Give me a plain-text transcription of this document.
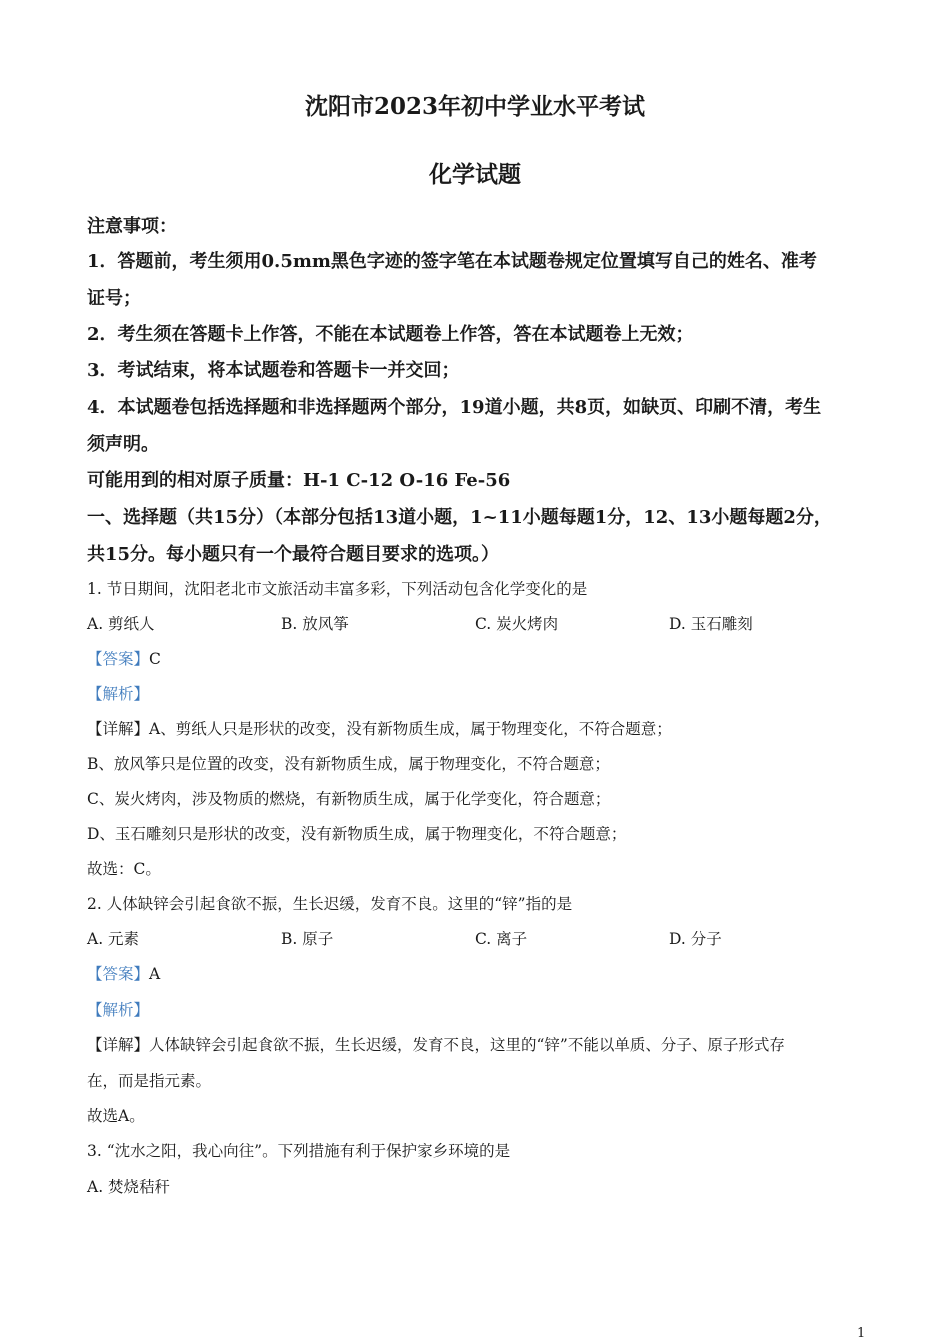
沈阳市2023年初中学业水平考试
化学试题
注意事项：
1．答题前，考生须用0.5mm黑色字迹的签字笔在本试题卷规定位置填写自己的姓名、准考
证号；
2．考生须在答题卡上作答，不能在本试题卷上作答，答在本试题卷上无效；
3．考试结束，将本试题卷和答题卡一并交回；
4．本试题卷包括选择题和非选择题两个部分，19道小题，共8页，如缺页、印刷不清，考生
须声明。
可能用到的相对原子质量：H-1 C-12 O-16 Fe-56
一、选择题（共15分）（本部分包括13道小题，1~11小题每题1分，12、13小题每题2分，
共15分。每小题只有一个最符合题目要求的选项。）
1. 节日期间，沈阳老北市文旅活动丰富多彩，下列活动包含化学变化的是
A. 剪纸人	B. 放风筝	C. 炭火烤肉	D. 玉石雕刻
【答案】C
【解析】
【详解】A、剪纸人只是形状的改变，没有新物质生成，属于物理变化，不符合题意；
B、放风筝只是位置的改变，没有新物质生成，属于物理变化，不符合题意；
C、炭火烤肉，涉及物质的燃烧，有新物质生成，属于化学变化，符合题意；
D、玉石雕刻只是形状的改变，没有新物质生成，属于物理变化，不符合题意；
故选：C。
2. 人体缺锌会引起食欲不振，生长迟缓，发育不良。这里的“锌”指的是
A. 元素	B. 原子	C. 离子	D. 分子
【答案】A
【解析】
【详解】人体缺锌会引起食欲不振，生长迟缓，发育不良，这里的“锌”不能以单质、分子、原子形式存
在，而是指元素。
故选A。
3. “沈水之阳，我心向往”。下列措施有利于保护家乡环境的是
A. 焚烧秸秆
1
